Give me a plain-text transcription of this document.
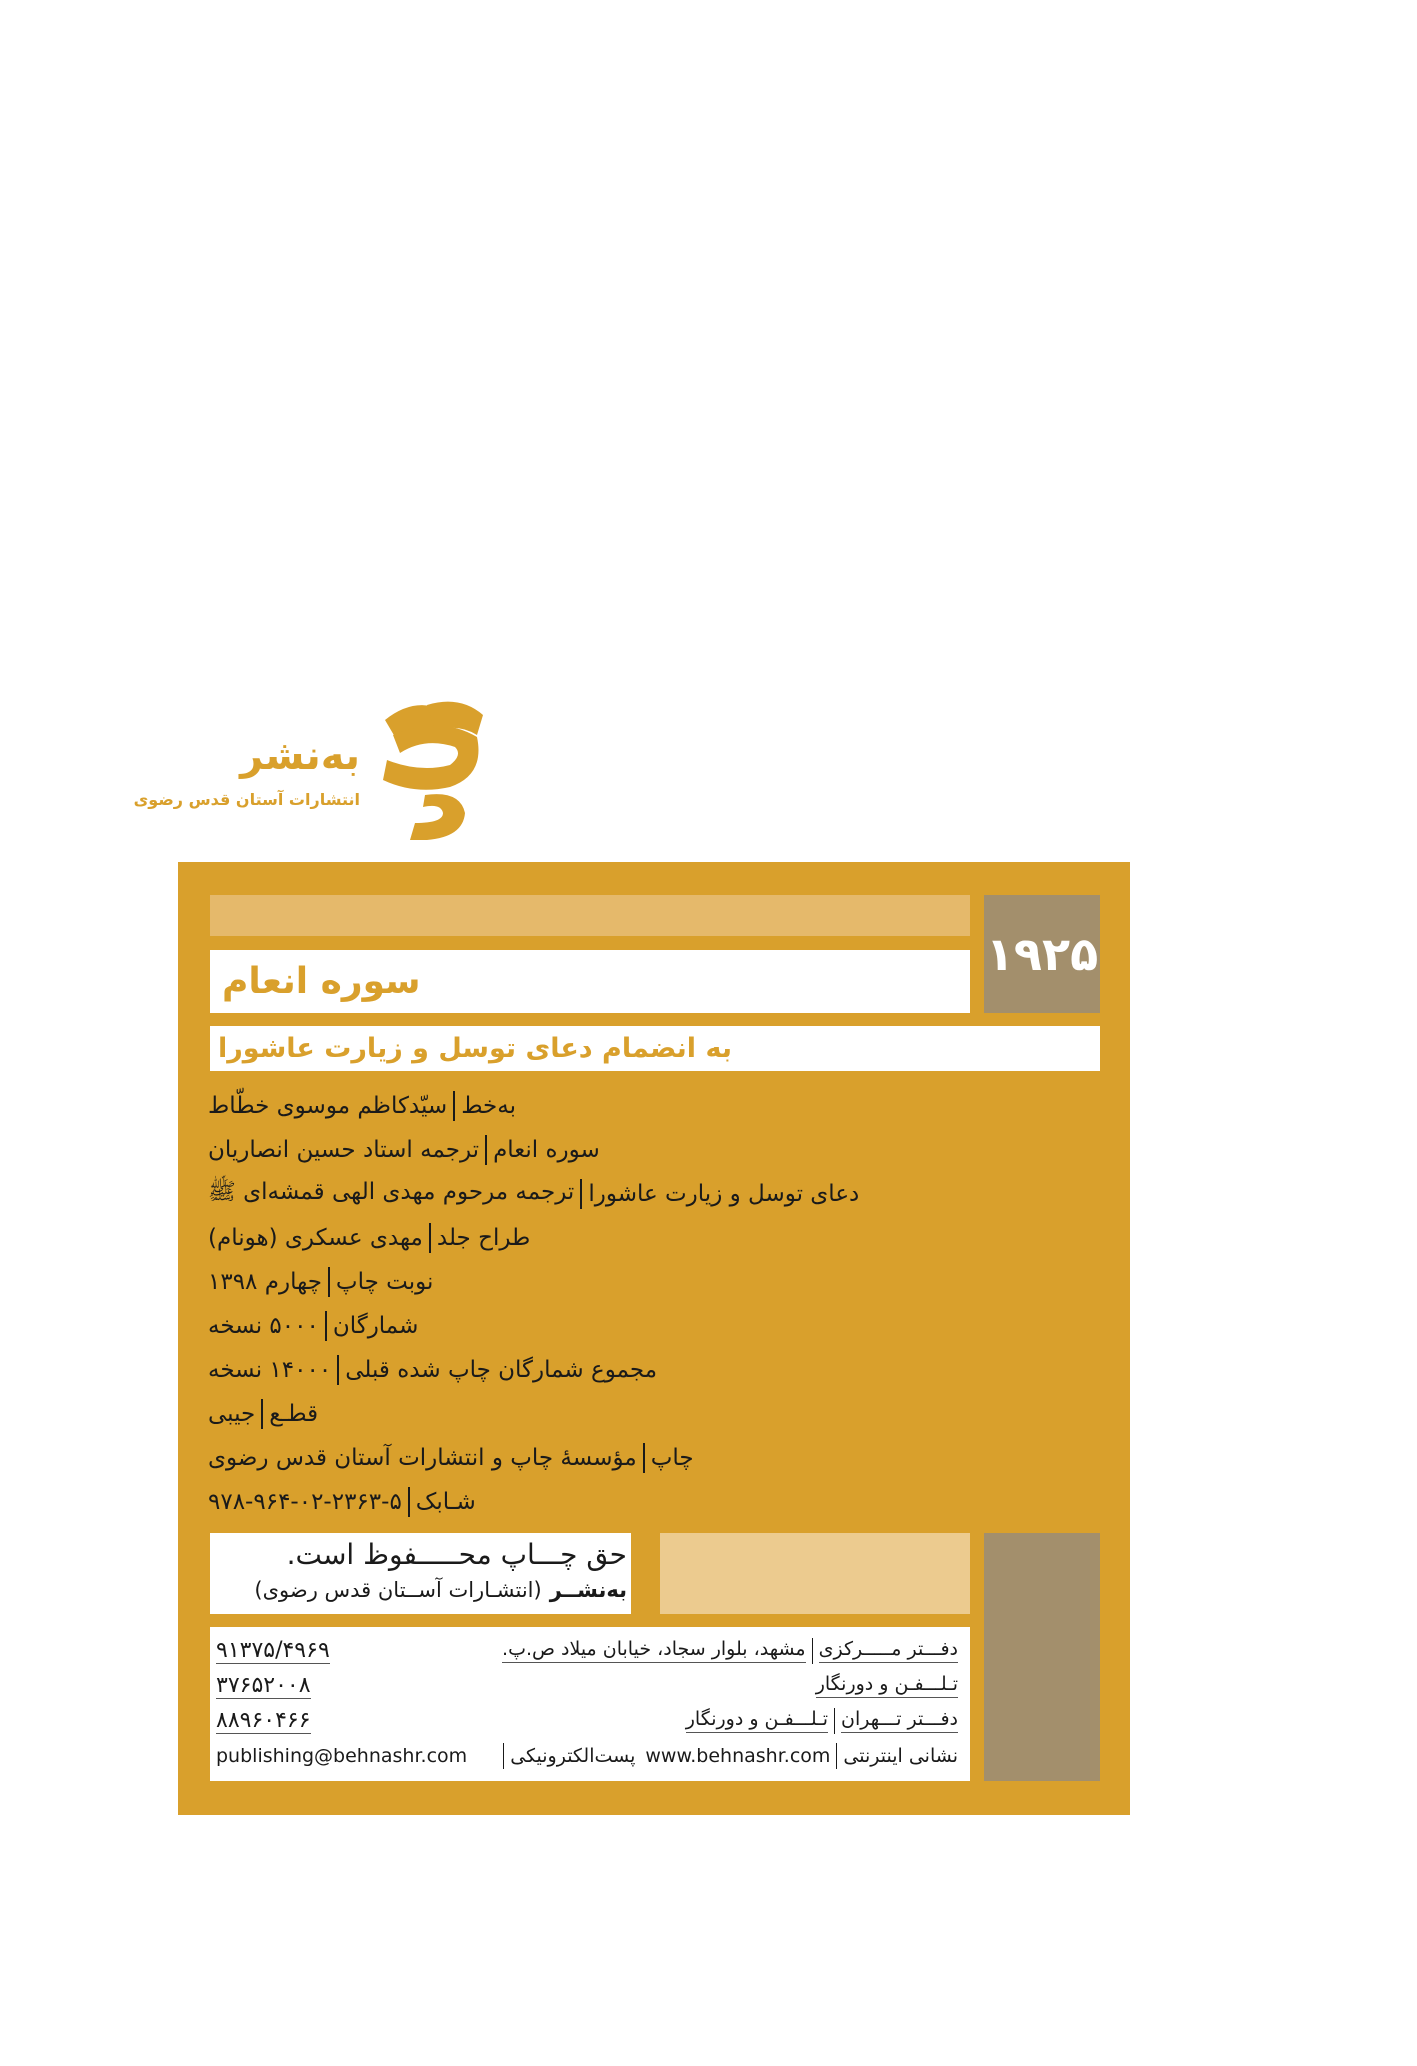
به‌نشر
انتشارات آستان قدس رضوی
۱۹۲۵
سوره انعام
به انضمام دعای توسل و زیارت عاشورا
به‌خط
سیّدکاظم موسوی خطّاط
سوره انعام
ترجمه استاد حسین انصاریان
دعای توسل و زیارت عاشورا
ترجمه مرحوم مهدی الهی قمشه‌ای ﷺ
طراح جلد
مهدی عسکری (هونام)
نوبت چاپ
چهارم ۱۳۹۸
شمارگان
۵۰۰۰ نسخه
مجموع شمارگان چاپ شده قبلی
۱۴۰۰۰ نسخه
قطـع
جیبی
چاپ
مؤسسهٔ چاپ و انتشارات آستان قدس رضوی
شـابک
۹۷۸-۹۶۴-۰۲-۲۳۶۳-۵
حق چـــاپ محـــــفوظ است.
به‌نشــر(انتشـارات آســتان قدس رضوی)
دفـــتر مـــــرکزی
مشهد، بلوار سجاد، خیابان میلاد ص.پ.
۹۱۳۷۵/۴۹۶۹
تـلـــفـن و دورنگار
۳۷۶۵۲۰۰۸
دفـــتر تـــهران
تـلـــفـن و دورنگار
۸۸۹۶۰۴۶۶
نشانی اینترنتی
www.behnashr.com
پست‌الکترونیکی
publishing@behnashr.com
